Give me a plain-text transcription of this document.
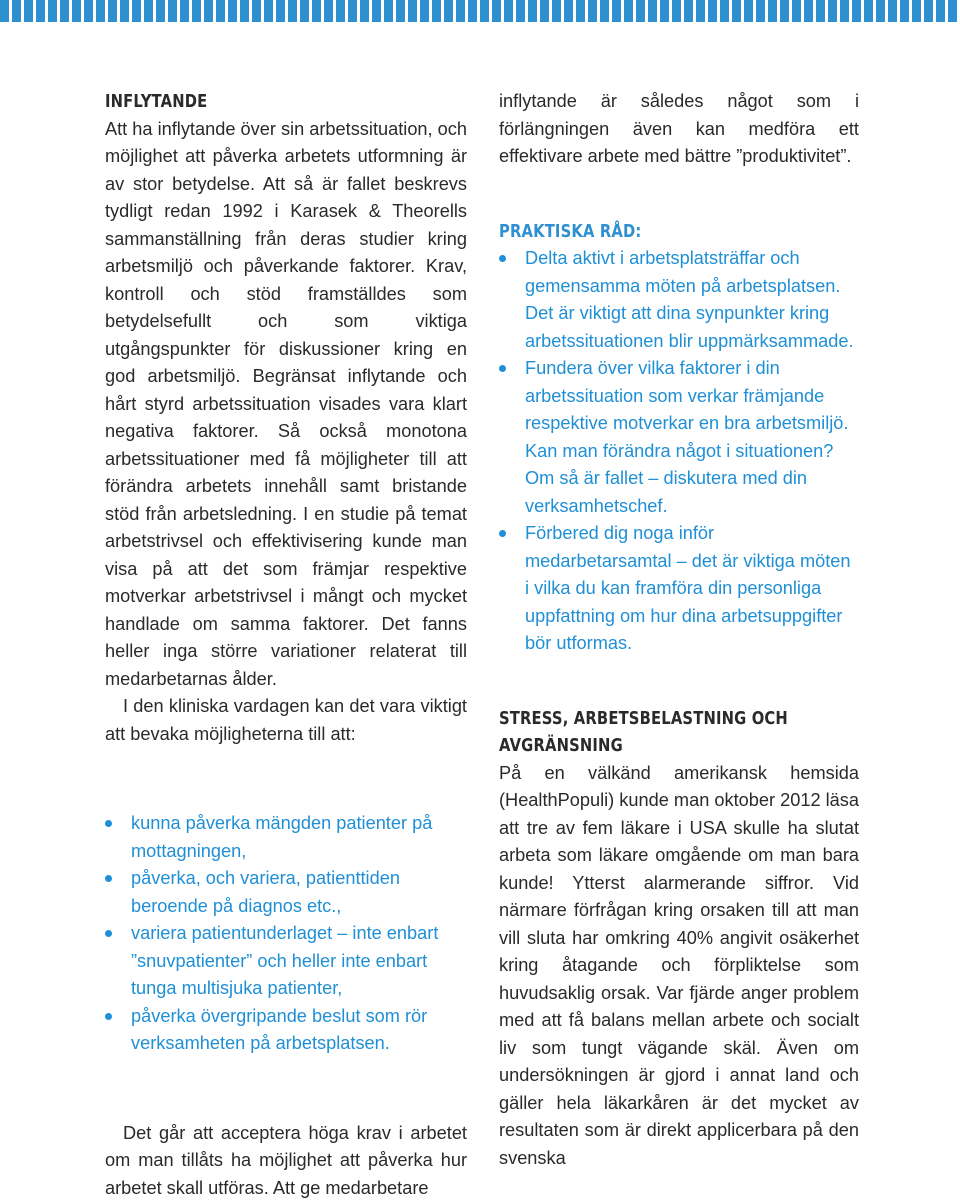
INFLYTANDE

Att ha inflytande över sin arbetssituation, och möjlighet att påverka arbetets utformning är av stor betydelse. Att så är fallet beskrevs tydligt redan 1992 i Karasek & Theorells sammanställning från deras studier kring arbetsmiljö och påverkande faktorer. Krav, kontroll och stöd framställdes som betydelsefullt och som viktiga utgångspunkter för diskussioner kring en god arbetsmiljö. Begränsat inflytande och hårt styrd arbetssituation visades vara klart negativa faktorer. Så också monotona arbetssituationer med få möjligheter till att förändra arbetets innehåll samt bristande stöd från arbetsledning. I en studie på temat arbetstrivsel och effektivisering kunde man visa på att det som främjar respektive motverkar arbetstrivsel i mångt och mycket handlade om samma faktorer. Det fanns heller inga större variationer relaterat till medarbetarnas ålder.

I den kliniska vardagen kan det vara viktigt att bevaka möjligheterna till att:

kunna påverka mängden patienter på mottagningen,
påverka, och variera, patienttiden beroende på diagnos etc.,
variera patientunderlaget – inte enbart ”snuvpatienter” och heller inte enbart tunga multisjuka patienter,
påverka övergripande beslut som rör verksamheten på arbetsplatsen.

Det går att acceptera höga krav i arbetet om man tillåts ha möjlighet att påverka hur arbetet skall utföras. Att ge medarbetare

inflytande är således något som i förlängningen även kan medföra ett effektivare arbete med bättre ”produktivitet”.

PRAKTISKA RÅD:
Delta aktivt i arbetsplatsträffar och gemensamma möten på arbetsplatsen. Det är viktigt att dina synpunkter kring arbetssituationen blir uppmärksammade.
Fundera över vilka faktorer i din arbetssituation som verkar främjande respektive motverkar en bra arbetsmiljö. Kan man förändra något i situationen? Om så är fallet – diskutera med din verksamhetschef.
Förbered dig noga inför medarbetarsamtal – det är viktiga möten i vilka du kan framföra din personliga uppfattning om hur dina arbetsuppgifter bör utformas.
STRESS, ARBETSBELASTNING OCH
AVGRÄNSNING

På en välkänd amerikansk hemsida (HealthPopuli) kunde man oktober 2012 läsa att tre av fem läkare i USA skulle ha slutat arbeta som läkare omgående om man bara kunde! Ytterst alarmerande siffror. Vid närmare förfrågan kring orsaken till att man vill sluta har omkring 40% angivit osäkerhet kring åtagande och förpliktelse som huvudsaklig orsak. Var fjärde anger problem med att få balans mellan arbete och socialt liv som tungt vägande skäl. Även om undersökningen är gjord i annat land och gäller hela läkarkåren är det mycket av resultaten som är direkt applicerbara på den svenska
